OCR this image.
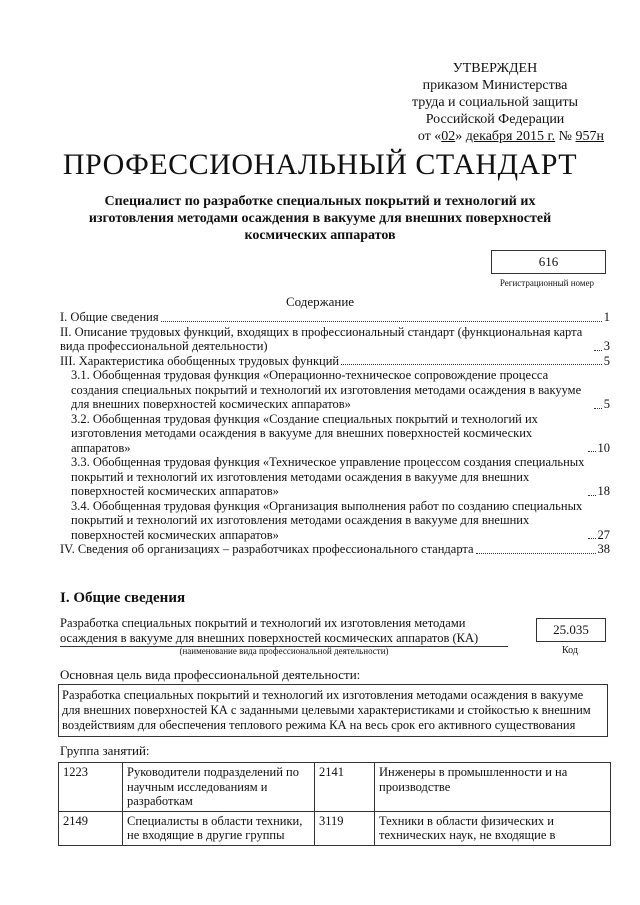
УТВЕРЖДЕН
приказом Министерства
труда и социальной защиты
Российской Федерации
от «02» декабря 2015 г. № 957н
ПРОФЕССИОНАЛЬНЫЙ СТАНДАРТ
Специалист по разработке специальных покрытий и технологий их изготовления методами осаждения в вакууме для внешних поверхностей космических аппаратов
616
Регистрационный номер
Содержание
I. Общие сведения	1
II. Описание трудовых функций, входящих в профессиональный стандарт (функциональная карта вида профессиональной деятельности)	3
III. Характеристика обобщенных трудовых функций	5
3.1. Обобщенная трудовая функция «Операционно-техническое сопровождение процесса создания специальных покрытий и технологий их изготовления методами осаждения в вакууме для внешних поверхностей космических аппаратов»	5
3.2. Обобщенная трудовая функция «Создание специальных покрытий и технологий их изготовления методами осаждения в вакууме для внешних поверхностей космических аппаратов»	10
3.3. Обобщенная трудовая функция «Техническое управление процессом создания специальных покрытий и технологий их изготовления методами осаждения в вакууме для внешних поверхностей космических аппаратов»	18
3.4. Обобщенная трудовая функция «Организация выполнения работ по созданию специальных покрытий и технологий их изготовления методами осаждения в вакууме для внешних поверхностей космических аппаратов»	27
IV. Сведения об организациях – разработчиках профессионального стандарта	38
I. Общие сведения
Разработка специальных покрытий и технологий их изготовления методами осаждения в вакууме для внешних поверхностей космических аппаратов (КА)
(наименование вида профессиональной деятельности)
25.035
Код
Основная цель вида профессиональной деятельности:
Разработка специальных покрытий и технологий их изготовления методами осаждения в вакууме для внешних поверхностей КА с заданными целевыми характеристиками и стойкостью к внешним воздействиям для обеспечения теплового режима КА на весь срок его активного существования
Группа занятий:
1223	Руководители подразделений по научным исследованиям и разработкам	2141	Инженеры в промышленности и на производстве
2149	Специалисты в области техники, не входящие в другие группы	3119	Техники в области физических и технических наук, не входящие в
